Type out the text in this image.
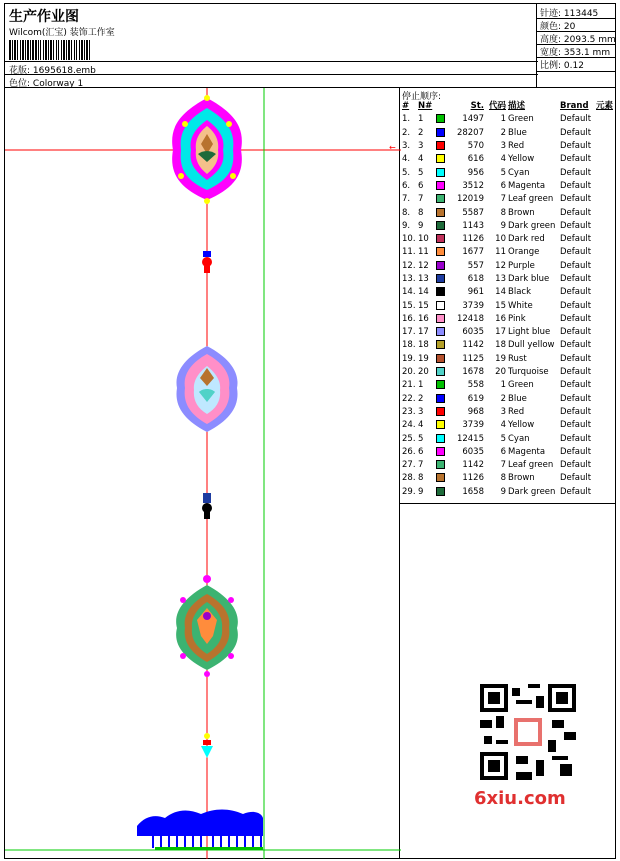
生产作业图
Wilcom(汇宝) 装饰工作室
花版: 1695618.emb
色位: Colorway 1
针迹: 113445
颜色: 20
高度: 2093.5 mm
宽度: 353.1 mm
比例: 0.12
←
停止顺序:
#	N#		St.	代码	描述	Brand	元素
1.	1		1497	1	Green	Default	
2.	2		28207	2	Blue	Default	
3.	3		570	3	Red	Default	
4.	4		616	4	Yellow	Default	
5.	5		956	5	Cyan	Default	
6.	6		3512	6	Magenta	Default	
7.	7		12019	7	Leaf green	Default	
8.	8		5587	8	Brown	Default	
9.	9		1143	9	Dark green	Default	
10.	10		1126	10	Dark red	Default	
11.	11		1677	11	Orange	Default	
12.	12		557	12	Purple	Default	
13.	13		618	13	Dark blue	Default	
14.	14		961	14	Black	Default	
15.	15		3739	15	White	Default	
16.	16		12418	16	Pink	Default	
17.	17		6035	17	Light blue	Default	
18.	18		1142	18	Dull yellow	Default	
19.	19		1125	19	Rust	Default	
20.	20		1678	20	Turquoise	Default	
21.	1		558	1	Green	Default	
22.	2		619	2	Blue	Default	
23.	3		968	3	Red	Default	
24.	4		3739	4	Yellow	Default	
25.	5		12415	5	Cyan	Default	
26.	6		6035	6	Magenta	Default	
27.	7		1142	7	Leaf green	Default	
28.	8		1126	8	Brown	Default	
29.	9		1658	9	Dark green	Default	
6xiu.com
